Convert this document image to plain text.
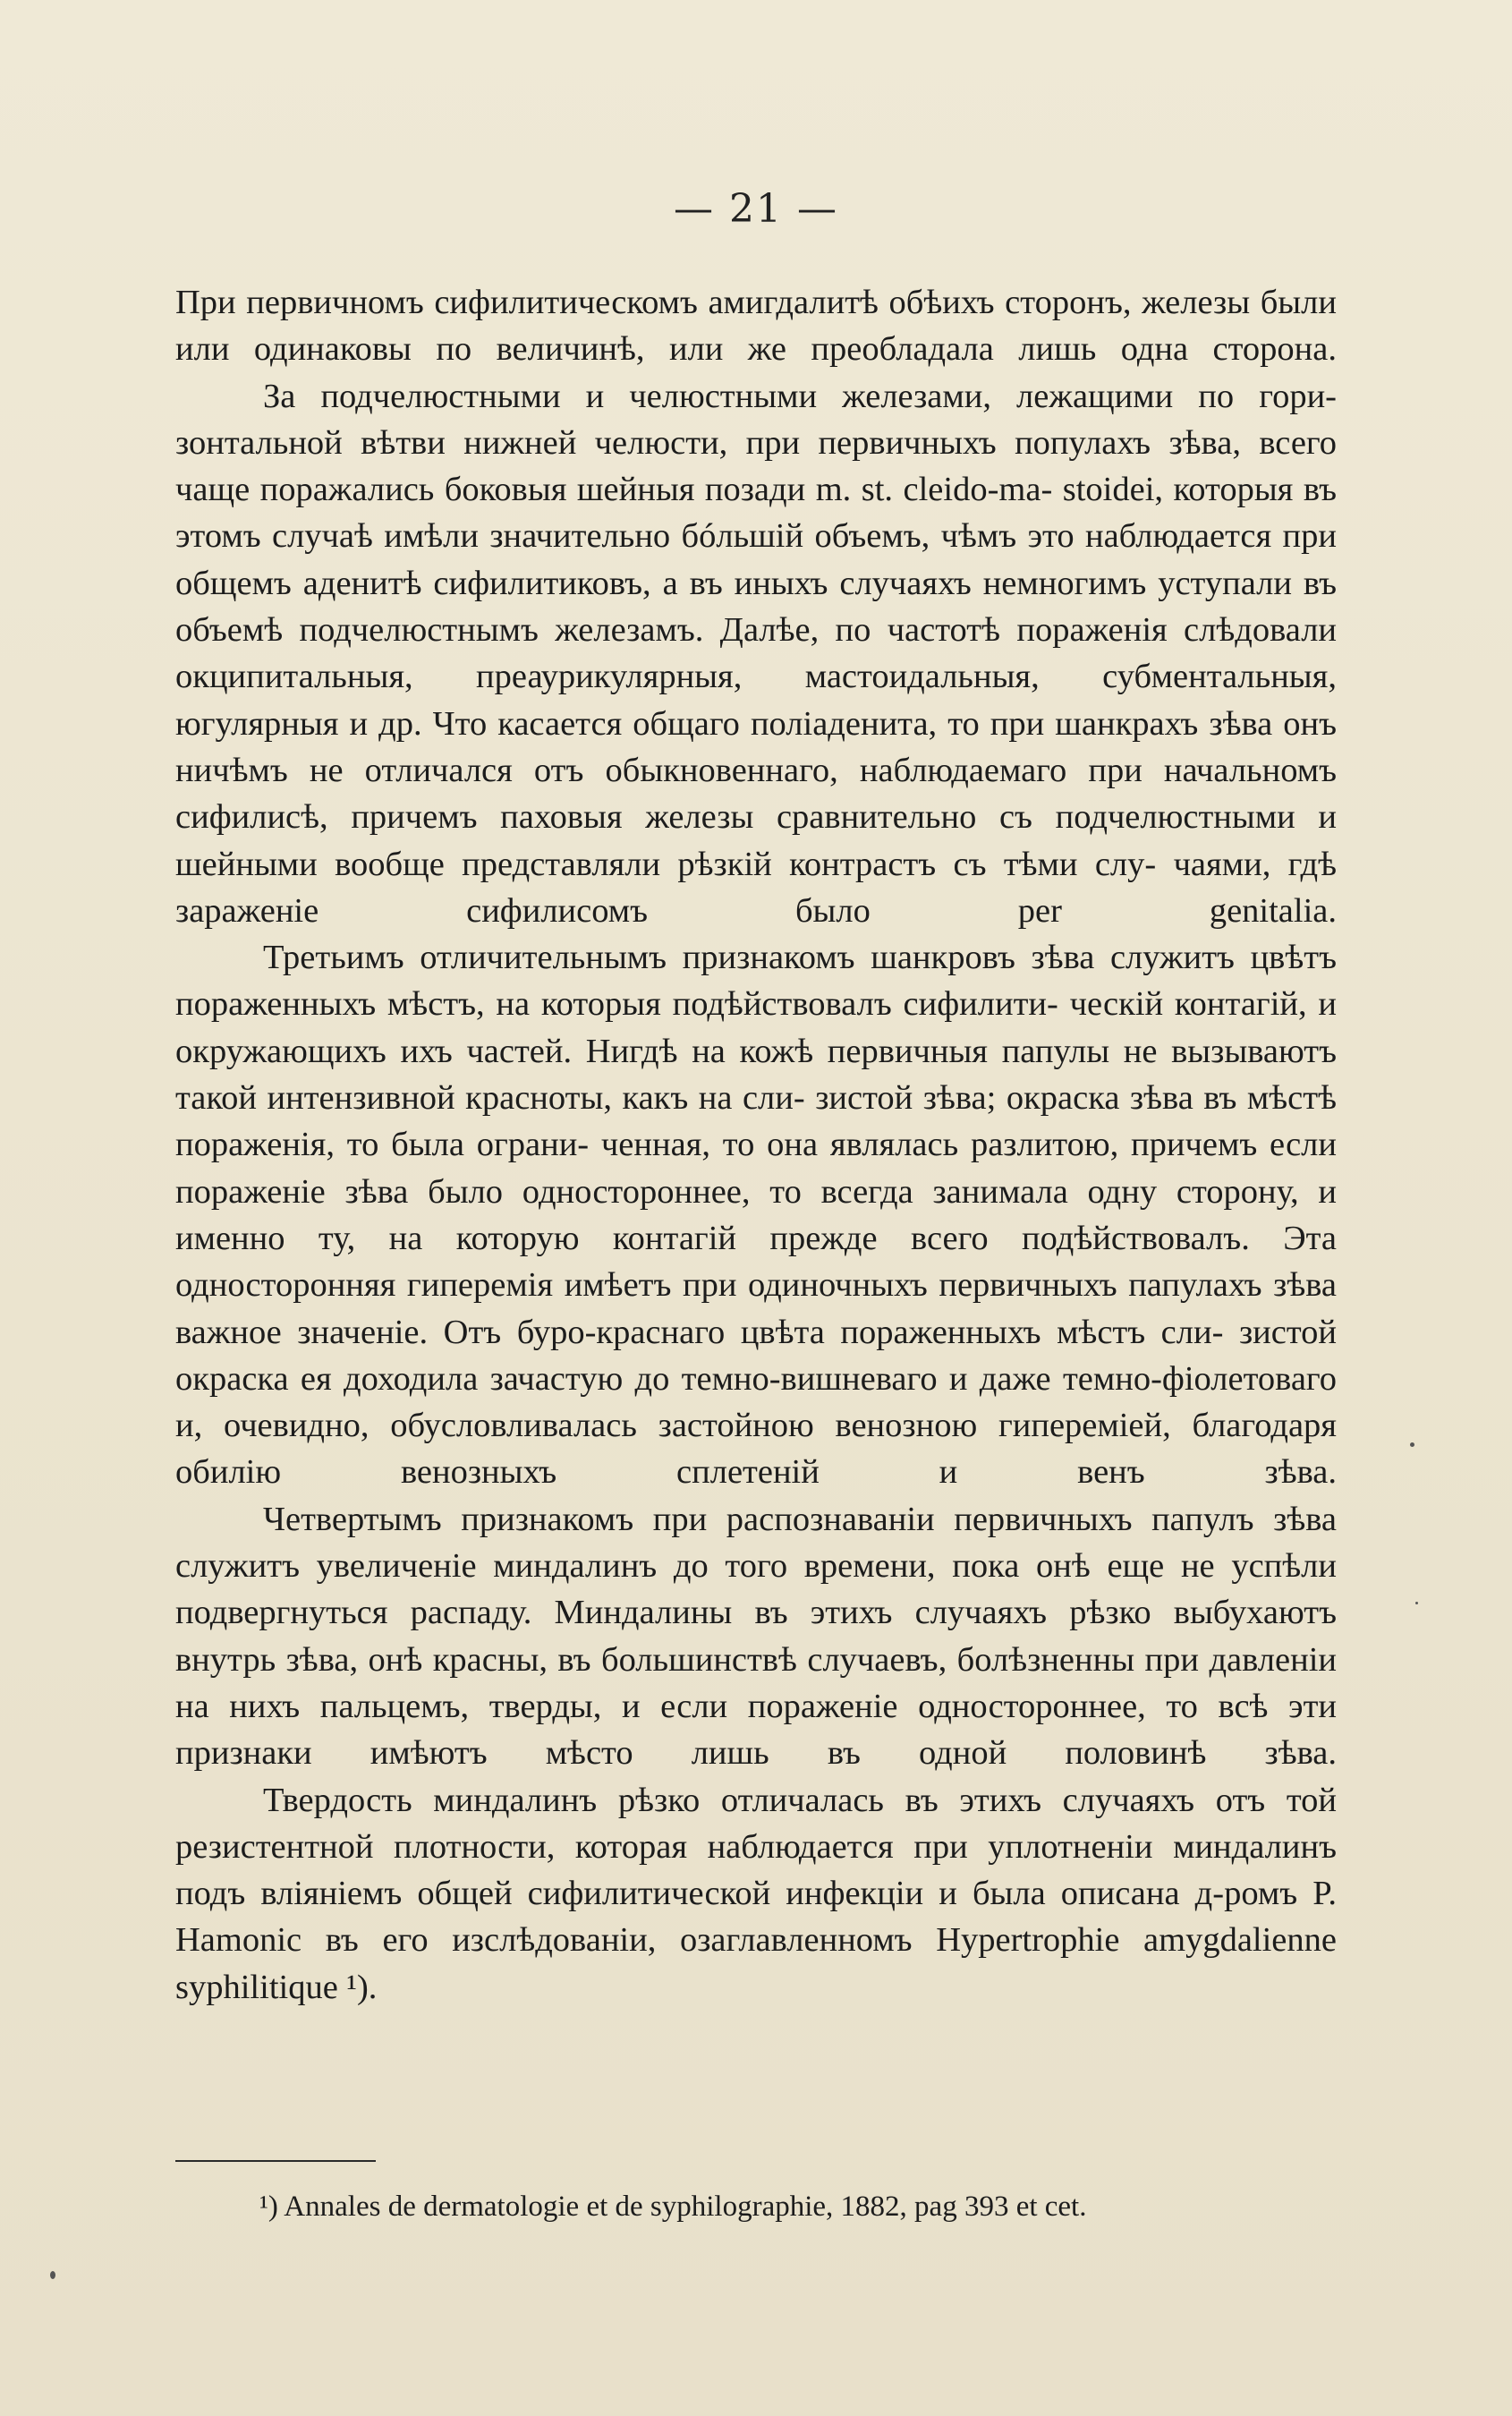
— 21 —

При первичномъ сифилитическомъ амигдалитѣ обѣихъ сторонъ, железы были или одинаковы по величинѣ, или же преобладала лишь одна сторона.

За подчелюстными и челюстными железами, лежащими по гори- зонтальной вѣтви нижней челюсти, при первичныхъ популахъ зѣва, всего чаще поражались боковыя шейныя позади m. st. cleido-ma- stoidei, которыя въ этомъ случаѣ имѣли значительно бóльшій объемъ, чѣмъ это наблюдается при общемъ аденитѣ сифилитиковъ, а въ иныхъ случаяхъ немногимъ уступали въ объемѣ подчелюстнымъ железамъ. Далѣе, по частотѣ пораженія слѣдовали окципитальныя, преаурикулярныя, мастоидальныя, субментальныя, югулярныя и др. Что касается общаго поліаденита, то при шанкрахъ зѣва онъ ничѣмъ не отличался отъ обыкновеннаго, наблюдаемаго при начальномъ сифилисѣ, причемъ паховыя железы сравнительно съ подчелюстными и шейными вообще представляли рѣзкій контрастъ съ тѣми слу- чаями, гдѣ зараженіе сифилисомъ было per genitalia.

Третьимъ отличительнымъ признакомъ шанкровъ зѣва служитъ цвѣтъ пораженныхъ мѣстъ, на которыя подѣйствовалъ сифилити- ческій контагій, и окружающихъ ихъ частей. Нигдѣ на кожѣ первичныя папулы не вызываютъ такой интензивной красноты, какъ на сли- зистой зѣва; окраска зѣва въ мѣстѣ пораженія, то была ограни- ченная, то она являлась разлитою, причемъ если пораженіе зѣва было одностороннее, то всегда занимала одну сторону, и именно ту, на которую контагій прежде всего подѣйствовалъ. Эта односторонняя гиперемія имѣетъ при одиночныхъ первичныхъ папулахъ зѣва важное значеніе. Отъ буро-краснаго цвѣта пораженныхъ мѣстъ сли- зистой окраска ея доходила зачастую до темно-вишневаго и даже темно-фіолетоваго и, очевидно, обусловливалась застойною венозною гипереміей, благодаря обилію венозныхъ сплетеній и венъ зѣва.

Четвертымъ признакомъ при распознаваніи первичныхъ папулъ зѣва служитъ увеличеніе миндалинъ до того времени, пока онѣ еще не успѣли подвергнуться распаду. Миндалины въ этихъ случаяхъ рѣзко выбухаютъ внутрь зѣва, онѣ красны, въ большинствѣ случаевъ, болѣзненны при давленіи на нихъ пальцемъ, тверды, и если пораженіе одностороннее, то всѣ эти признаки имѣютъ мѣсто лишь въ одной половинѣ зѣва.

Твердость миндалинъ рѣзко отличалась въ этихъ случаяхъ отъ той резистентной плотности, которая наблюдается при уплотненіи миндалинъ подъ вліяніемъ общей сифилитической инфекціи и была описана д-ромъ P. Hamonic въ его изслѣдованіи, озаглавленномъ Hypertrophie amygdalienne syphilitique ¹).

¹) Annales de dermatologie et de syphilographie, 1882, pag 393 et cet.
